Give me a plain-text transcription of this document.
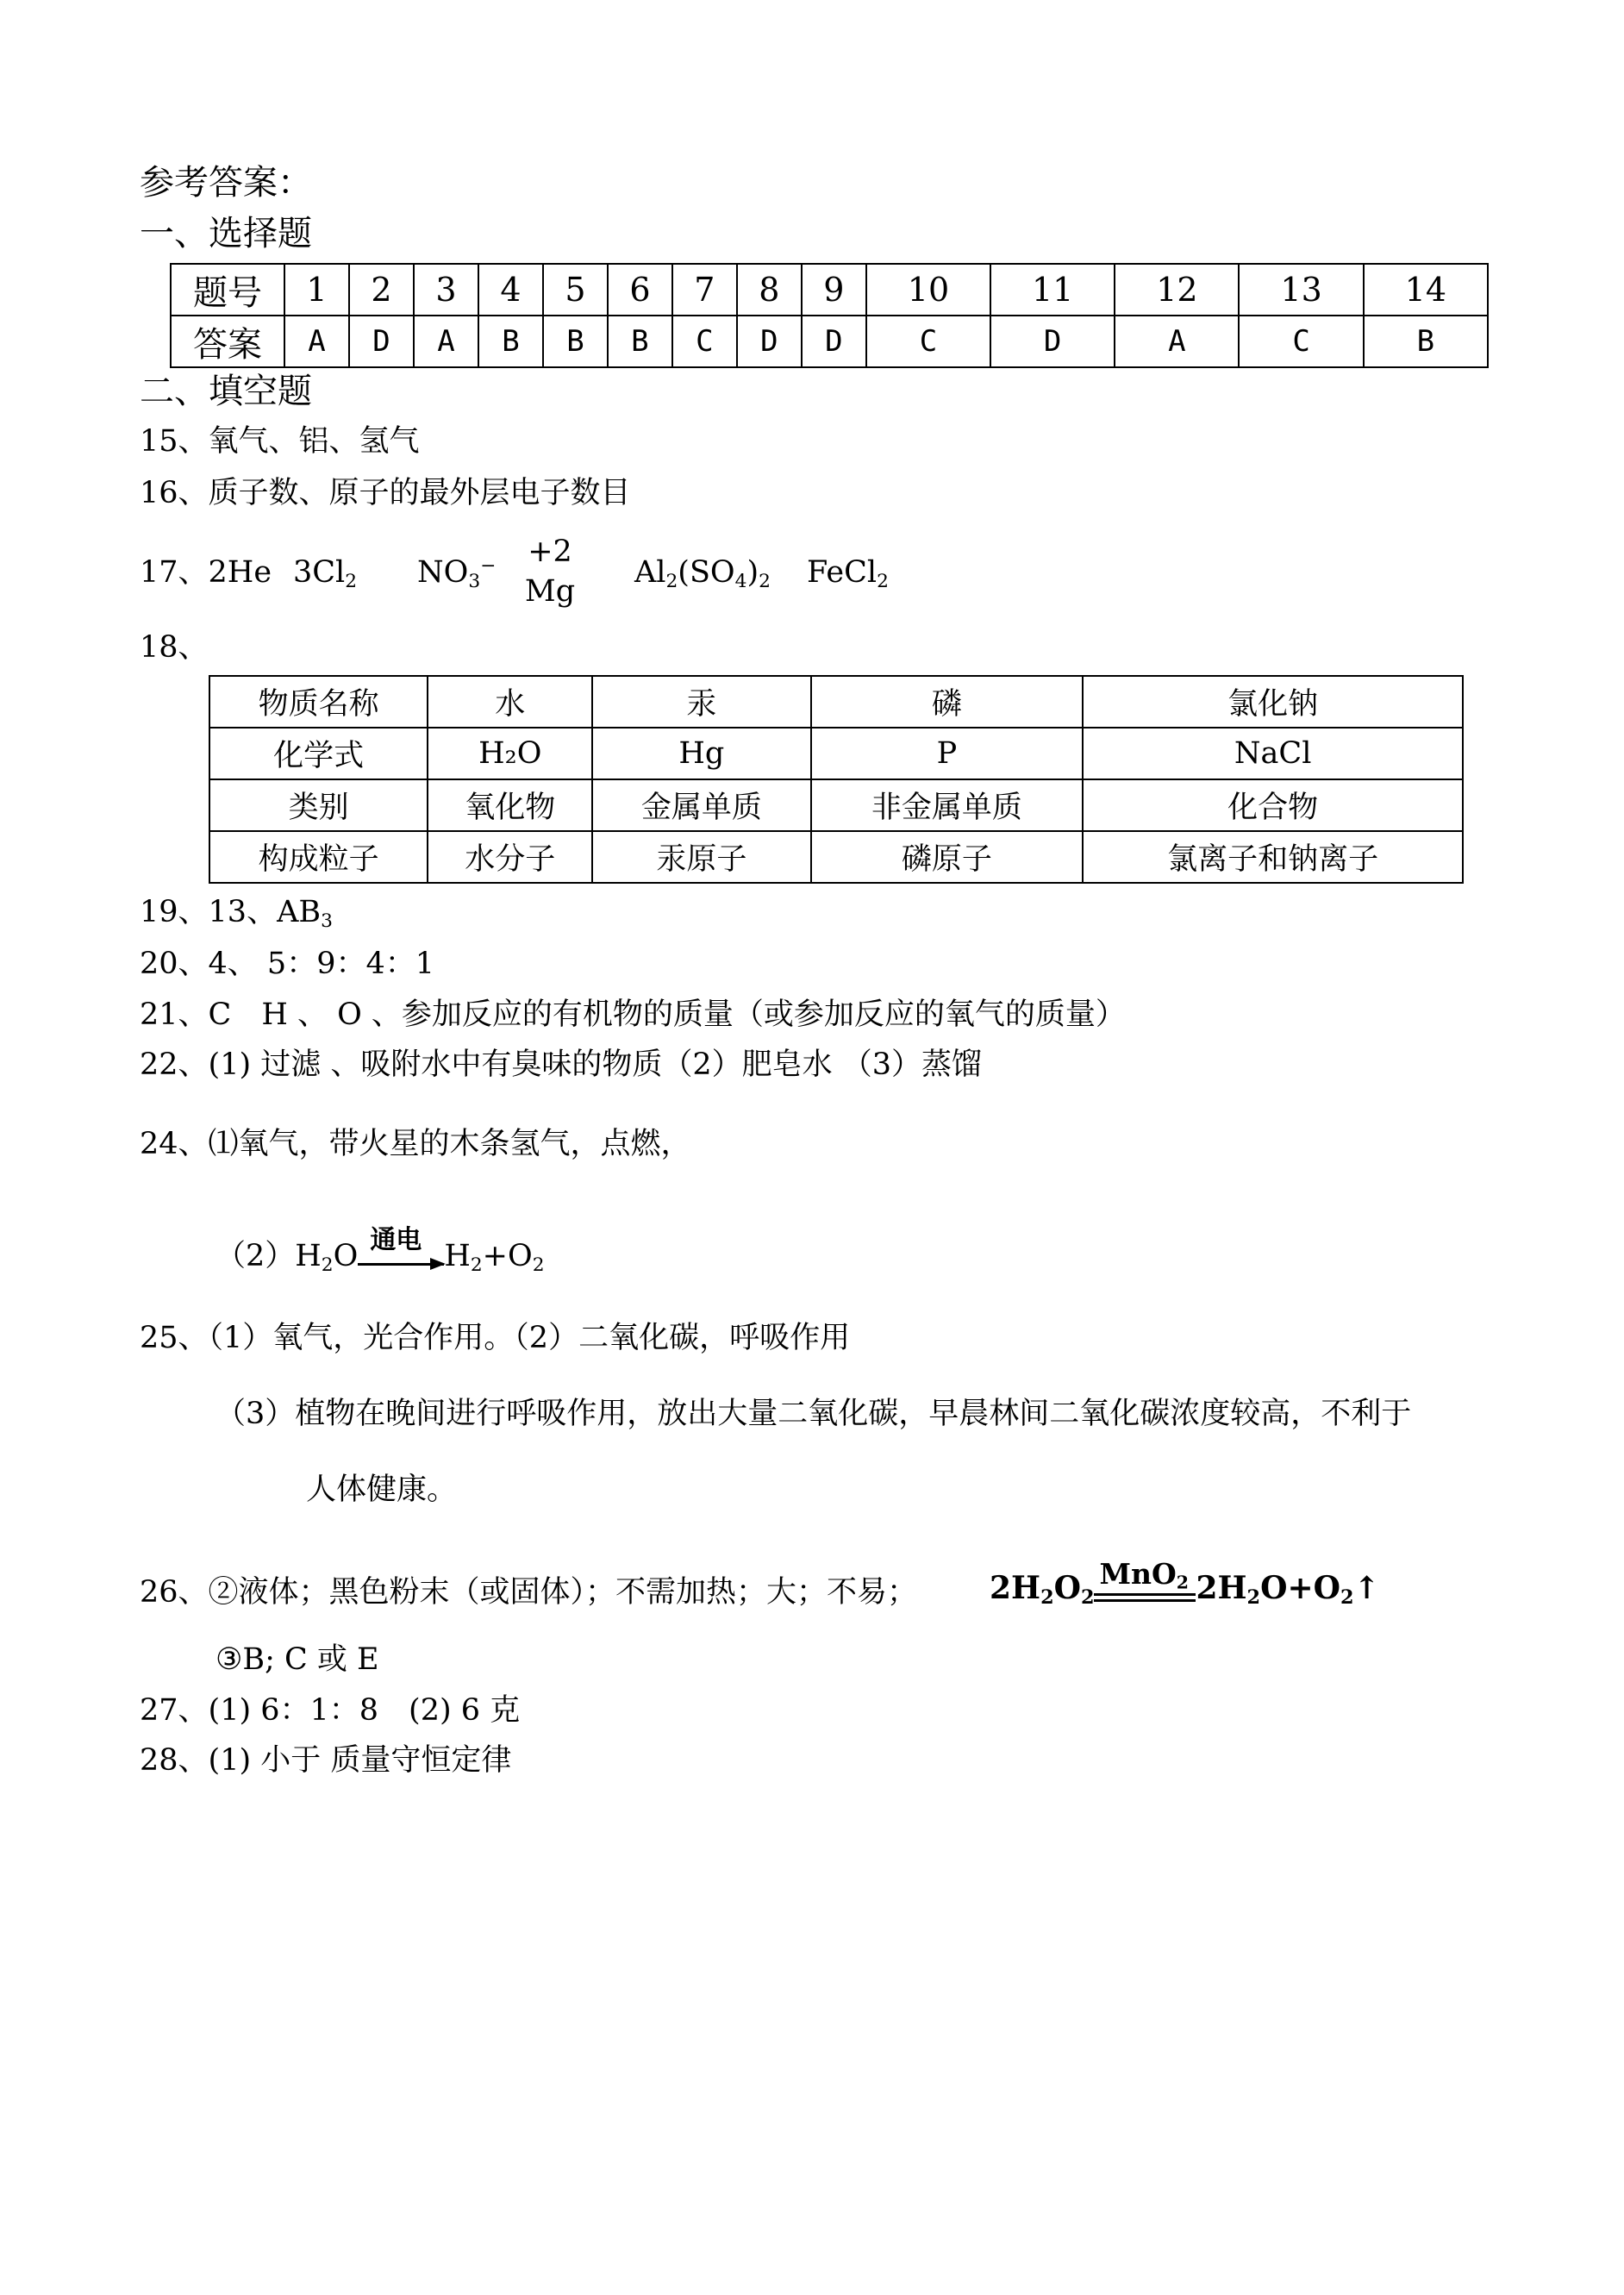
参考答案：
一、选择题
题号	1	2	3	4	5	6	7	8	9	10	11	12	13	14
答案	A	D	A	B	B	B	C	D	D	C	D	A	C	B
二、填空题
15、氧气、铝、氢气
16、质子数、原子的最外层电子数目
17、2He $3Cl_2$ $NO_3^- +2$
Mg
$Al_2(SO_4)_2$ FeCl$_2$
18、
物质名称	水	汞	磷	氯化钠
化学式	H₂O	Hg	P	NaCl
类别	氧化物	金属单质	非金属单质	化合物
构成粒子	水分子	汞原子	磷原子	氯离子和钠离子
19、13、$AB_3$
20、4、 5：9：4：1
21、C　H 、 O 、参加反应的有机物的质量（或参加反应的氧气的质量）
22、(1) 过滤 、吸附水中有臭味的物质（2）肥皂水 （3）蒸馏
24、⑴氧气，带火星的木条氢气，点燃，
$(2)H_2O$ 通电 $H_2+O_2$
25、（1）氧气，光合作用。（2）二氧化碳，呼吸作用
（3）植物在晚间进行呼吸作用，放出大量二氧化碳，早晨林间二氧化碳浓度较高，不利于
人体健康。
26、②液体；黑色粉末（或固体）；不需加热；大；不易； $2H_2O_2$
MnO$_2$ $2H_2O+O_2↑$
③B; C 或 E
27、(1) 6：1：8　(2) 6 克
28、(1) 小于 质量守恒定律
